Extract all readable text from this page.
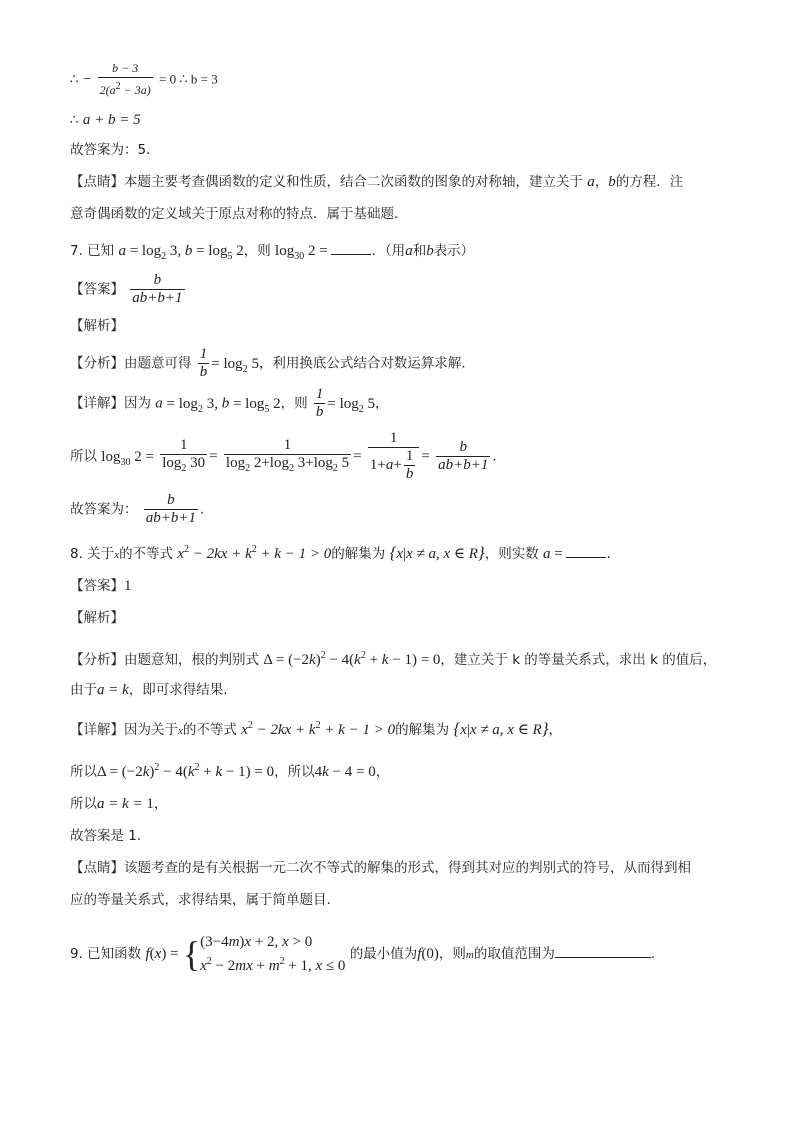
∴ − $\frac{b - 3}{2(a^2 - 3a)} = 0$ ∴ b = 3
∴ a + b = 5
故答案为：5．
【点睛】本题主要考查偶函数的定义和性质，结合二次函数的图象的对称轴，建立关于 a，b的方程．注
意奇偶函数的定义域关于原点对称的特点．属于基础题．
7. 已知 $a = \log_2 3$, $b = \log_5 2$，则 $\log_{30} 2$ =	．（用a和b表示）
【答案】 $\frac{b}{ab+b+1}$
【解析】
【分析】由题意可得 $\frac{1}{b} = \log_2 5$，利用换底公式结合对数运算求解.
【详解】因为 $a = \log_2 3$, $b = \log_5 2$，则 $\frac{1}{b} = \log_2 5$，
所以 $\log_{30} 2 = \frac{1}{\log_2 30} = \frac{1}{\log_2 2+\log_2 3+\log_2 5} = \frac{1}{1+a+ \frac{1}{b}} = \frac{b}{ab+b+1}$ .
故答案为： $\frac{b}{ab+b+1}$ .
8. 关于x的不等式 $x^2 - 2kx + k^2 + k - 1 > 0$的解集为 {x|x ≠ a, x ∈ R}，则实数 a =	.
【答案】1
【解析】
【分析】由题意知，根的判别式 $\Delta = (-2k)^2 - 4(k^2 + k - 1) = 0$，建立关于 k 的等量关系式，求出 k 的值后，
由于a = k，即可求得结果.
【详解】因为关于x的不等式 $x^2 - 2kx + k^2 + k - 1 > 0$的解集为 {x|x ≠ a, x ∈ R}，
所以$\Delta = (-2k)^2 - 4(k^2 + k - 1) = 0$，所以4k − 4 = 0，
所以a = k = 1，
故答案是 1.
【点睛】该题考查的是有关根据一元二次不等式的解集的形式，得到其对应的判别式的符号，从而得到相
应的等量关系式，求得结果，属于简单题目.
9. 已知函数 f(x) = { (3−4m)x + 2, x > 0
$x^2 - 2mx + m^2 + 1$, x ≤ 0
的最小值为f(0)，则m的取值范围为	.
